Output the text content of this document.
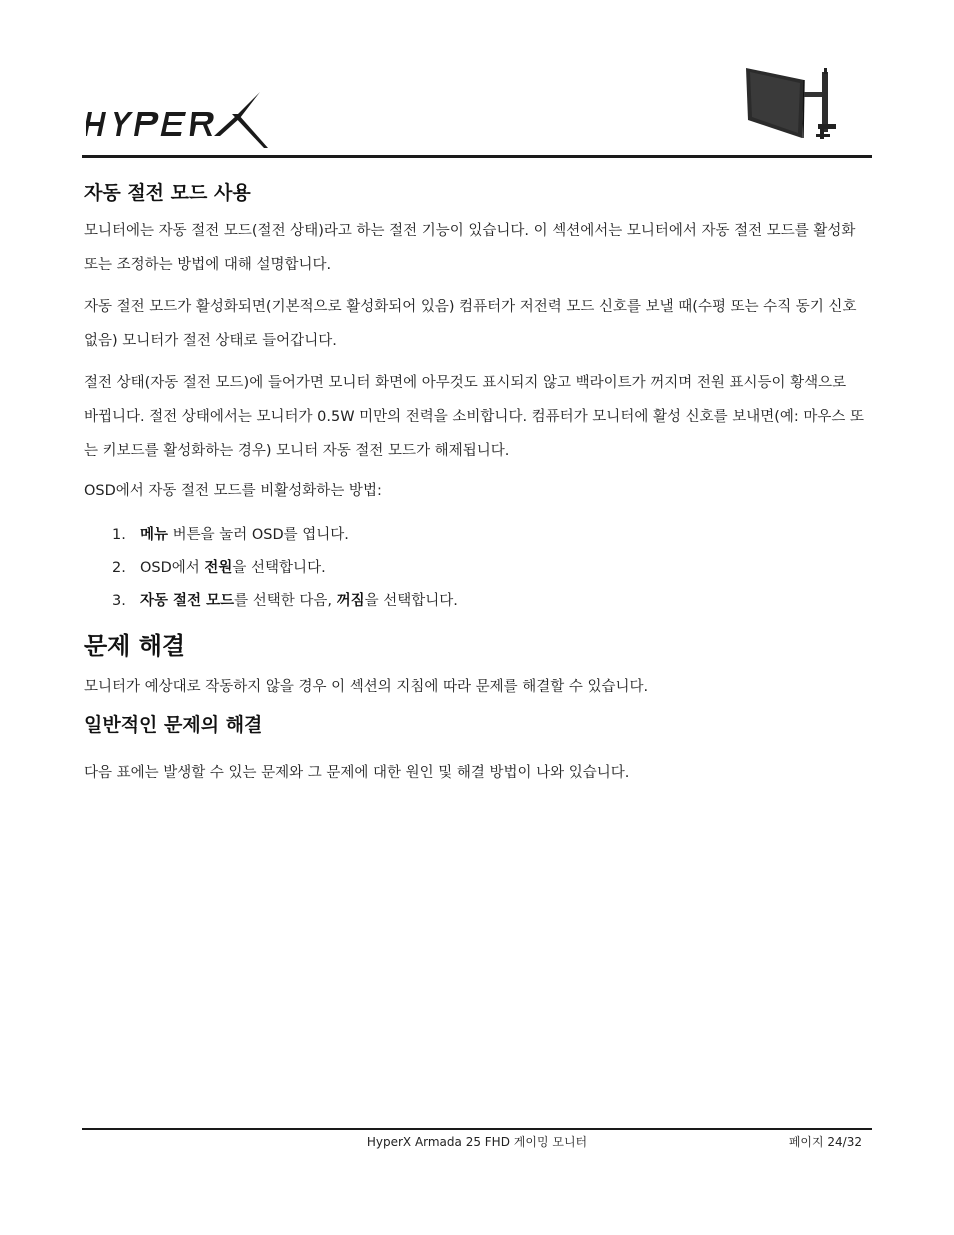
자동 절전 모드 사용

모니터에는 자동 절전 모드(절전 상태)라고 하는 절전 기능이 있습니다. 이 섹션에서는 모니터에서 자동 절전 모드를 활성화 또는 조정하는 방법에 대해 설명합니다.

자동 절전 모드가 활성화되면(기본적으로 활성화되어 있음) 컴퓨터가 저전력 모드 신호를 보낼 때(수평 또는 수직 동기 신호 없음) 모니터가 절전 상태로 들어갑니다.

절전 상태(자동 절전 모드)에 들어가면 모니터 화면에 아무것도 표시되지 않고 백라이트가 꺼지며 전원 표시등이 황색으로 바뀝니다. 절전 상태에서는 모니터가 0.5W 미만의 전력을 소비합니다. 컴퓨터가 모니터에 활성 신호를 보내면(예: 마우스 또는 키보드를 활성화하는 경우) 모니터 자동 절전 모드가 해제됩니다.

OSD에서 자동 절전 모드를 비활성화하는 방법:

1. 메뉴 버튼을 눌러 OSD를 엽니다.
2. OSD에서 전원을 선택합니다.
3. 자동 절전 모드를 선택한 다음, 꺼짐을 선택합니다.
문제 해결

모니터가 예상대로 작동하지 않을 경우 이 섹션의 지침에 따라 문제를 해결할 수 있습니다.

일반적인 문제의 해결

다음 표에는 발생할 수 있는 문제와 그 문제에 대한 원인 및 해결 방법이 나와 있습니다.

HyperX Armada 25 FHD 게이밍 모니터	페이지 24/32
